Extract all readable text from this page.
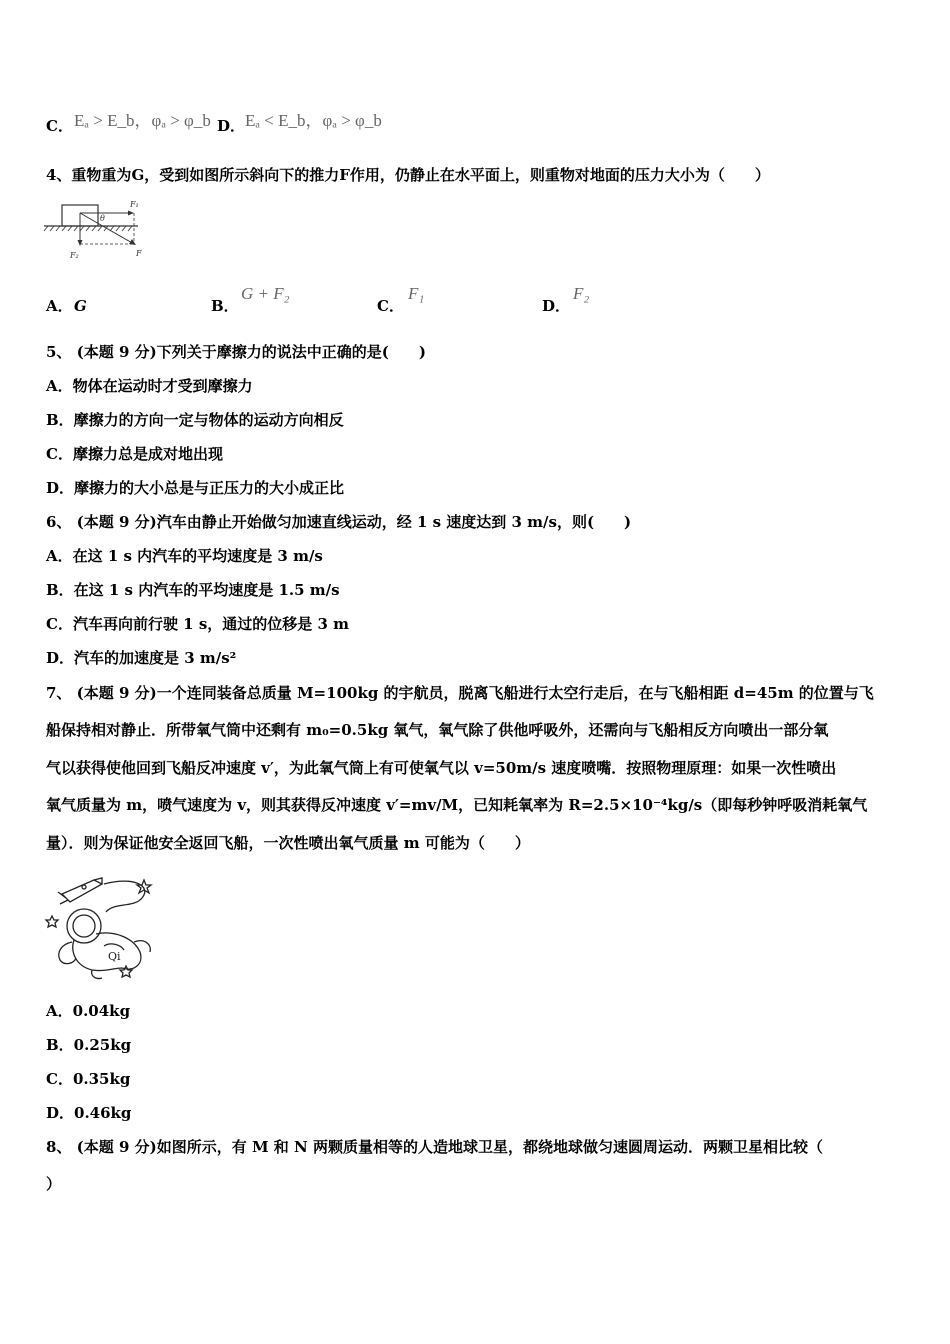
C． Eₐ > E_b，φₐ > φ_b D． Eₐ < E_b，φₐ > φ_b
4、重物重为G，受到如图所示斜向下的推力F作用，仍静止在水平面上，则重物对地面的压力大小为（　　）
F₁
θ
F₂	F
A． G	B．
G + F₂
C．
F₁
D．
F₂
5、 (本题 9 分)下列关于摩擦力的说法中正确的是(　　)
A．物体在运动时才受到摩擦力
B．摩擦力的方向一定与物体的运动方向相反
C．摩擦力总是成对地出现
D．摩擦力的大小总是与正压力的大小成正比
6、 (本题 9 分)汽车由静止开始做匀加速直线运动，经 1 s 速度达到 3 m/s，则(　　)
A．在这 1 s 内汽车的平均速度是 3 m/s
B．在这 1 s 内汽车的平均速度是 1.5 m/s
C．汽车再向前行驶 1 s，通过的位移是 3 m
D．汽车的加速度是 3 m/s²
7、 (本题 9 分)一个连同装备总质量 M=100kg 的宇航员，脱离飞船进行太空行走后，在与飞船相距 d=45m 的位置与飞
船保持相对静止．所带氧气筒中还剩有 m₀=0.5kg 氧气，氧气除了供他呼吸外，还需向与飞船相反方向喷出一部分氧
气以获得使他回到飞船反冲速度 v′，为此氧气筒上有可使氧气以 v=50m/s 速度喷嘴．按照物理原理：如果一次性喷出
氧气质量为 m，喷气速度为 v，则其获得反冲速度 v′=mv/M，已知耗氧率为 R=2.5×10⁻⁴kg/s（即每秒钟呼吸消耗氧气
量）．则为保证他安全返回飞船，一次性喷出氧气质量 m 可能为（　　）
Qi
A．0.04kg
B．0.25kg
C．0.35kg
D．0.46kg
8、 (本题 9 分)如图所示，有 M 和 N 两颗质量相等的人造地球卫星，都绕地球做匀速圆周运动．两颗卫星相比较（
）
